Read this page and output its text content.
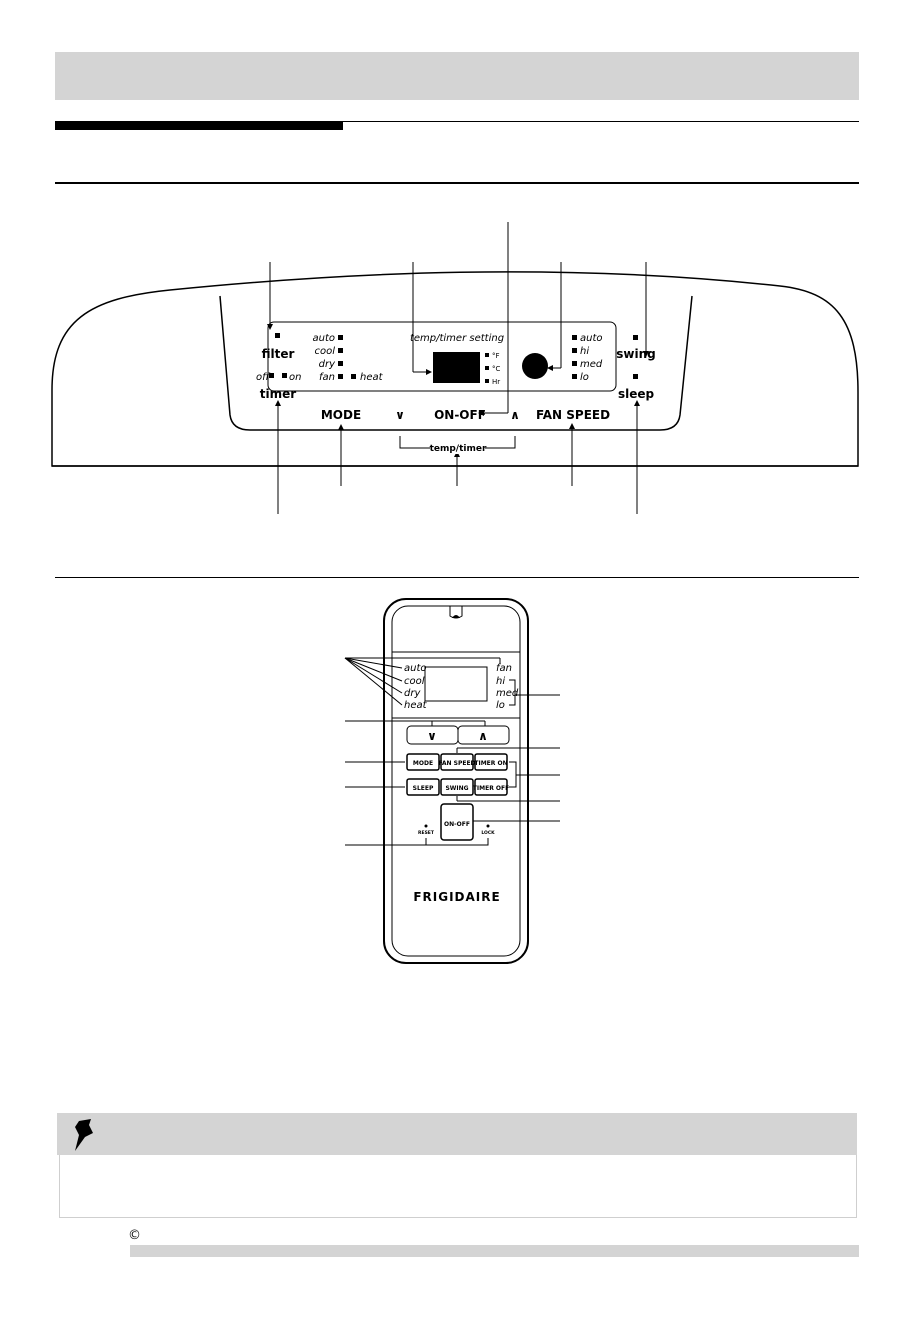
filter
off on
timer
auto
cool
dry
fan	heat
temp/timer setting
°F
°C
Hr
auto
hi
med
lo
swing
sleep
MODE	∨ ON-OFF ∧ FAN SPEED
temp/timer
auto
cool
dry
heat
fan
hi
med
lo
∨	∧
MODE FAN SPEED
TIMER ON
SLEEP SWING TIMER OFF
ON-OFF
RESET	LOCK
FRIGIDAIRE
©
